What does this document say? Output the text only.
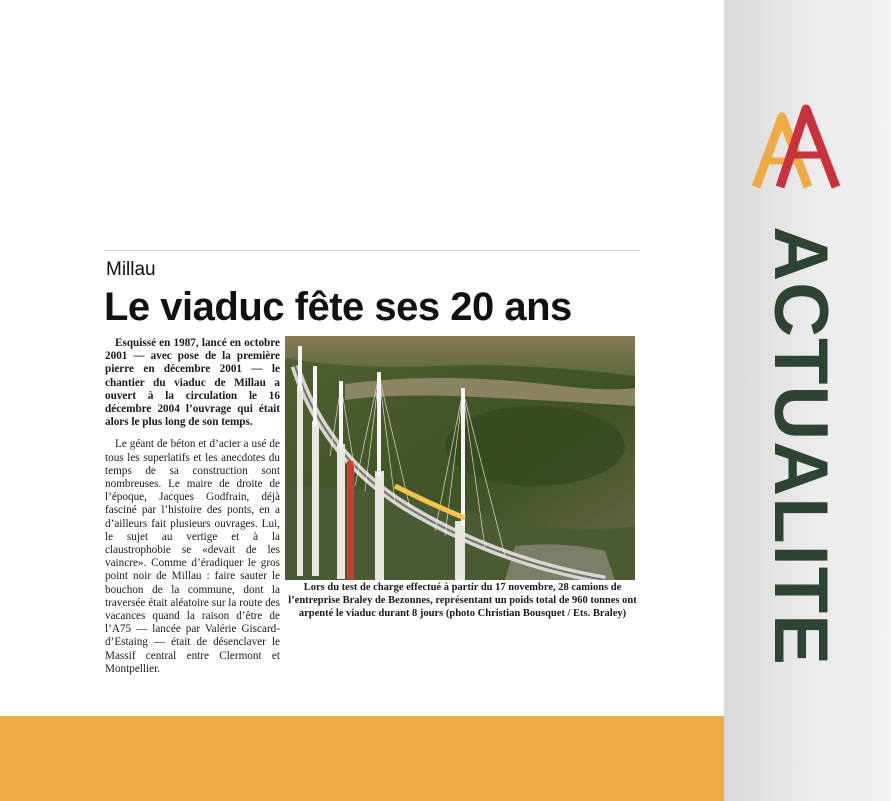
ACTUALITE
Millau
Le viaduc fête ses 20 ans

Esquissé en 1987, lancé en octobre 2001 — avec pose de la première pierre en décembre 2001 — le chantier du viaduc de Millau a ouvert à la circulation le 16 décembre 2004 l’ouvrage qui était alors le plus long de son temps.

Le géant de béton et d’acier a usé de tous les superlatifs et les anecdotes du temps de sa construction sont nombreuses. Le maire de droite de l’époque, Jacques Godfrain, déjà fasciné par l’histoire des ponts, en a d’ailleurs fait plusieurs ouvrages. Lui, le sujet au vertige et à la claustrophobie se «devait de les vaincre». Comme d’éradiquer le gros point noir de Millau : faire sauter le bouchon de la commune, dont la traversée était aléatoire sur la route des vacances quand la raison d’être de l’A75 — lancée par Valérie Giscard-d’Estaing — était de désenclaver le Massif central entre Clermont et Montpellier.

Lors du test de charge effectué à partir du 17 novembre, 28 camions de l’entreprise Braley de Bezonnes, représentant un poids total de 960 tonnes ont arpenté le viaduc durant 8 jours (photo Christian Bousquet / Ets. Braley)
